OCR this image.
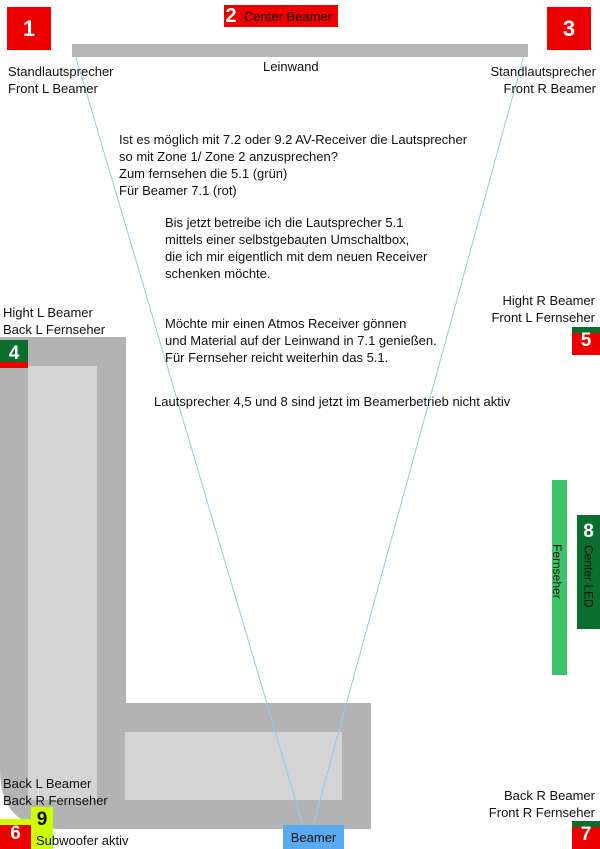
1	2 Center Beamer	3
4
5
8
Center LED
Fernseher
6
9
Subwoofer aktiv	7
Beamer
Leinwand
Standlautsprecher
Front L Beamer
Standlautsprecher
Front R Beamer
Hight L Beamer
Back L Fernseher
Hight R Beamer
Front L Fernseher
Back L Beamer
Back R Fernseher	Back R Beamer
Front R Fernseher
Ist es möglich mit 7.2 oder 9.2 AV-Receiver die Lautsprecher
so mit Zone 1/ Zone 2 anzusprechen?
Zum fernsehen die 5.1 (grün)
Für Beamer 7.1 (rot)
Bis jetzt betreibe ich die Lautsprecher 5.1
mittels einer selbstgebauten Umschaltbox,
die ich mir eigentlich mit dem neuen Receiver
schenken möchte.
Möchte mir einen Atmos Receiver gönnen
und Material auf der Leinwand in 7.1 genießen.
Für Fernseher reicht weiterhin das 5.1.
Lautsprecher 4,5 und 8 sind jetzt im Beamerbetrieb nicht aktiv
